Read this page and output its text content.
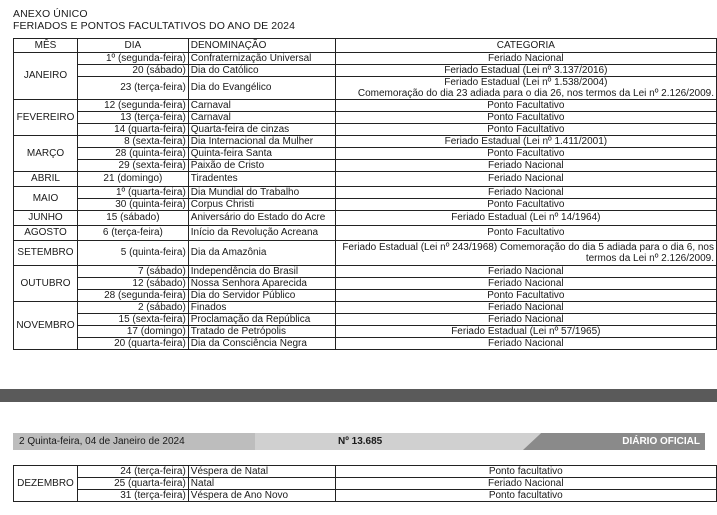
ANEXO ÚNICO
FERIADOS E PONTOS FACULTATIVOS DO ANO DE 2024
MÊS	DIA	DENOMINAÇÃO	CATEGORIA
JANEIRO	1º (segunda-feira)	Confraternização Universal	Feriado Nacional
	20 (sábado)	Dia do Católico	Feriado Estadual (Lei nº 3.137/2016)
	23 (terça-feira)	Dia do Evangélico	Feriado Estadual (Lei nº 1.538/2004)
Comemoração do dia 23 adiada para o dia 26, nos termos da Lei nº 2.126/2009.

FEVEREIRO	12 (segunda-feira)	Carnaval	Ponto Facultativo
	13 (terça-feira)	Carnaval	Ponto Facultativo
	14 (quarta-feira)	Quarta-feira de cinzas	Ponto Facultativo
MARÇO	8 (sexta-feira)	Dia Internacional da Mulher	Feriado Estadual (Lei nº 1.411/2001)
	28 (quinta-feira)	Quinta-feira Santa	Ponto Facultativo
	29 (sexta-feira)	Paixão de Cristo	Feriado Nacional
ABRIL	21 (domingo)	Tiradentes	Feriado Nacional
MAIO	1º (quarta-feira)	Dia Mundial do Trabalho	Feriado Nacional
	30 (quinta-feira)	Corpus Christi	Ponto Facultativo
JUNHO	15 (sábado)	Aniversário do Estado do Acre	Feriado Estadual (Lei nº 14/1964)
AGOSTO	6 (terça-feira)	Início da Revolução Acreana	Ponto Facultativo
SETEMBRO	5 (quinta-feira)	Dia da Amazônia	Feriado Estadual (Lei nº 243/1968) Comemoração do dia 5 adiada para o dia 6, nos termos da Lei nº 2.126/2009.
OUTUBRO	7 (sábado)	Independência do Brasil	Feriado Nacional
	12 (sábado)	Nossa Senhora Aparecida	Feriado Nacional
	28 (segunda-feira)	Dia do Servidor Público	Ponto Facultativo
NOVEMBRO	2 (sábado)	Finados	Feriado Nacional
	15 (sexta-feira)	Proclamação da República	Feriado Nacional
	17 (domingo)	Tratado de Petrópolis	Feriado Estadual (Lei nº 57/1965)
	20 (quarta-feira)	Dia da Consciência Negra	Feriado Nacional
2 Quinta-feira, 04 de Janeiro de 2024	Nº 13.685	DIÁRIO OFICIAL
DEZEMBRO	24 (terça-feira)	Véspera de Natal	Ponto facultativo
	25 (quarta-feira)	Natal	Feriado Nacional
	31 (terça-feira)	Véspera de Ano Novo	Ponto facultativo
